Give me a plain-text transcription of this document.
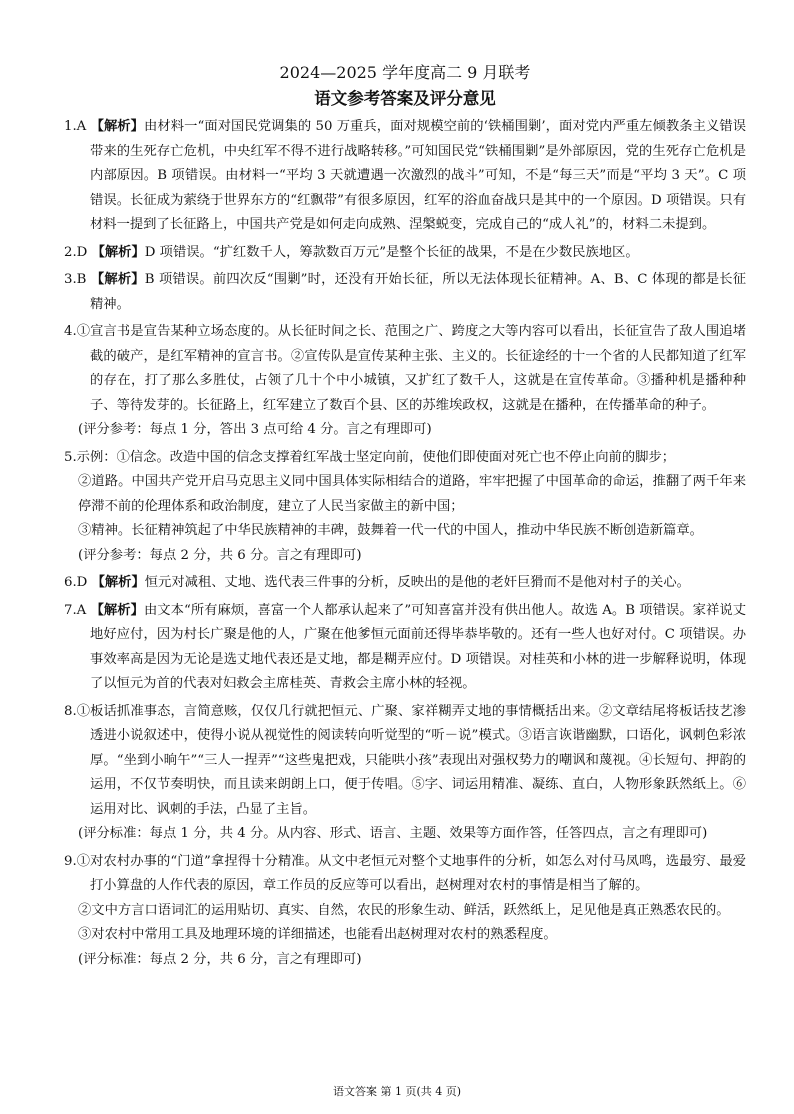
2024—2025 学年度高二 9 月联考
语文参考答案及评分意见

1.A 【解析】由材料一“面对国民党调集的 50 万重兵，面对规模空前的‘铁桶围剿’，面对党内严重左倾教条主义错误带来的生死存亡危机，中央红军不得不进行战略转移。”可知国民党“铁桶围剿”是外部原因，党的生死存亡危机是内部原因。B 项错误。由材料一“平均 3 天就遭遇一次激烈的战斗”可知，不是“每三天”而是“平均 3 天”。C 项错误。长征成为萦绕于世界东方的“红飘带”有很多原因，红军的浴血奋战只是其中的一个原因。D 项错误。只有材料一提到了长征路上，中国共产党是如何走向成熟、涅槃蜕变，完成自己的“成人礼”的，材料二未提到。

2.D 【解析】D 项错误。“扩红数千人，筹款数百万元”是整个长征的战果，不是在少数民族地区。

3.B 【解析】B 项错误。前四次反“围剿”时，还没有开始长征，所以无法体现长征精神。A、B、C 体现的都是长征精神。

4.①宣言书是宣告某种立场态度的。从长征时间之长、范围之广、跨度之大等内容可以看出，长征宣告了敌人围追堵截的破产，是红军精神的宣言书。②宣传队是宣传某种主张、主义的。长征途经的十一个省的人民都知道了红军的存在，打了那么多胜仗，占领了几十个中小城镇，又扩红了数千人，这就是在宣传革命。③播种机是播种种子、等待发芽的。长征路上，红军建立了数百个县、区的苏维埃政权，这就是在播种，在传播革命的种子。

(评分参考：每点 1 分，答出 3 点可给 4 分。言之有理即可)

5.示例：①信念。改造中国的信念支撑着红军战士坚定向前，使他们即使面对死亡也不停止向前的脚步；

②道路。中国共产党开启马克思主义同中国具体实际相结合的道路，牢牢把握了中国革命的命运，推翻了两千年来停滞不前的伦理体系和政治制度，建立了人民当家做主的新中国；

③精神。长征精神筑起了中华民族精神的丰碑，鼓舞着一代一代的中国人，推动中华民族不断创造新篇章。

(评分参考：每点 2 分，共 6 分。言之有理即可)

6.D 【解析】恒元对减租、丈地、选代表三件事的分析，反映出的是他的老奸巨猾而不是他对村子的关心。

7.A 【解析】由文本“所有麻烦，喜富一个人都承认起来了”可知喜富并没有供出他人。故选 A。B 项错误。家祥说丈地好应付，因为村长广聚是他的人，广聚在他爹恒元面前还得毕恭毕敬的。还有一些人也好对付。C 项错误。办事效率高是因为无论是选丈地代表还是丈地，都是糊弄应付。D 项错误。对桂英和小林的进一步解释说明，体现了以恒元为首的代表对妇救会主席桂英、青救会主席小林的轻视。

8.①板话抓准事态，言简意赅，仅仅几行就把恒元、广聚、家祥糊弄丈地的事情概括出来。②文章结尾将板话技艺渗透进小说叙述中，使得小说从视觉性的阅读转向听觉型的“听－说”模式。③语言诙谐幽默，口语化，讽刺色彩浓厚。“坐到小晌午”“三人一捏弄”“这些鬼把戏，只能哄小孩”表现出对强权势力的嘲讽和蔑视。④长短句、押韵的运用，不仅节奏明快，而且读来朗朗上口，便于传唱。⑤字、词运用精准、凝练、直白，人物形象跃然纸上。⑥运用对比、讽刺的手法，凸显了主旨。

(评分标准：每点 1 分，共 4 分。从内容、形式、语言、主题、效果等方面作答，任答四点，言之有理即可)

9.①对农村办事的“门道”拿捏得十分精准。从文中老恒元对整个丈地事件的分析，如怎么对付马凤鸣，选最穷、最爱打小算盘的人作代表的原因，章工作员的反应等可以看出，赵树理对农村的事情是相当了解的。

②文中方言口语词汇的运用贴切、真实、自然，农民的形象生动、鲜活，跃然纸上，足见他是真正熟悉农民的。

③对农村中常用工具及地理环境的详细描述，也能看出赵树理对农村的熟悉程度。

(评分标准：每点 2 分，共 6 分，言之有理即可)

语文答案 第 1 页(共 4 页)
